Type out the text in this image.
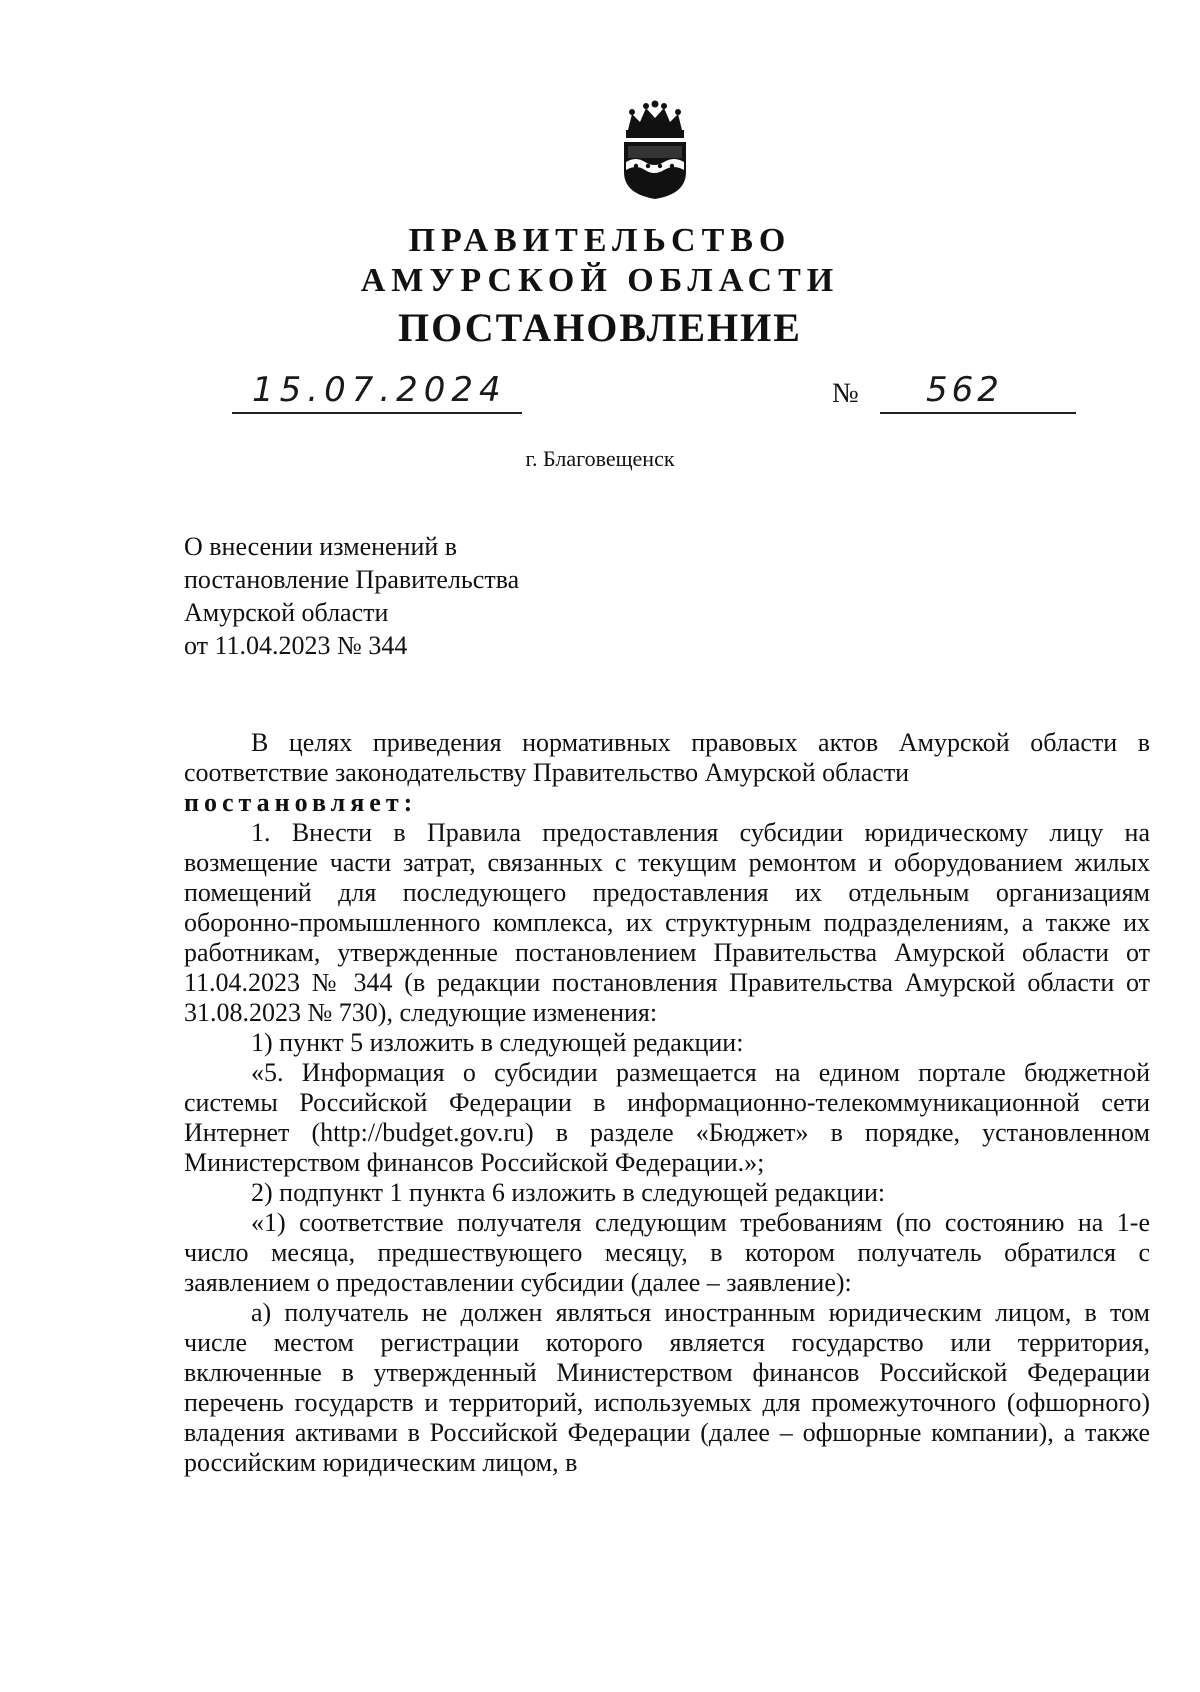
ПРАВИТЕЛЬСТВО
АМУРСКОЙ ОБЛАСТИ
ПОСТАНОВЛЕНИЕ
15.07.2024	№ 562
г. Благовещенск
О внесении изменений в
постановление Правительства
Амурской области
от 11.04.2023 № 344

В целях приведения нормативных правовых актов Амурской области в соответствие законодательству Правительство Амурской области

постановляет:

1. Внести в Правила предоставления субсидии юридическому лицу на возмещение части затрат, связанных с текущим ремонтом и оборудованием жилых помещений для последующего предоставления их отдельным организациям оборонно-промышленного комплекса, их структурным подразделениям, а также их работникам, утвержденные постановлением Правительства Амурской области от 11.04.2023 № 344 (в редакции постановления Правительства Амурской области от 31.08.2023 № 730), следующие изменения:

1) пункт 5 изложить в следующей редакции:

«5. Информация о субсидии размещается на едином портале бюджетной системы Российской Федерации в информационно-телекоммуникационной сети Интернет (http://budget.gov.ru) в разделе «Бюджет» в порядке, установленном Министерством финансов Российской Федерации.»;

2) подпункт 1 пункта 6 изложить в следующей редакции:

«1) соответствие получателя следующим требованиям (по состоянию на 1-е число месяца, предшествующего месяцу, в котором получатель обратился с заявлением о предоставлении субсидии (далее – заявление):

а) получатель не должен являться иностранным юридическим лицом, в том числе местом регистрации которого является государство или территория, включенные в утвержденный Министерством финансов Российской Федерации перечень государств и территорий, используемых для промежуточного (офшорного) владения активами в Российской Федерации (далее – офшорные компании), а также российским юридическим лицом, в
